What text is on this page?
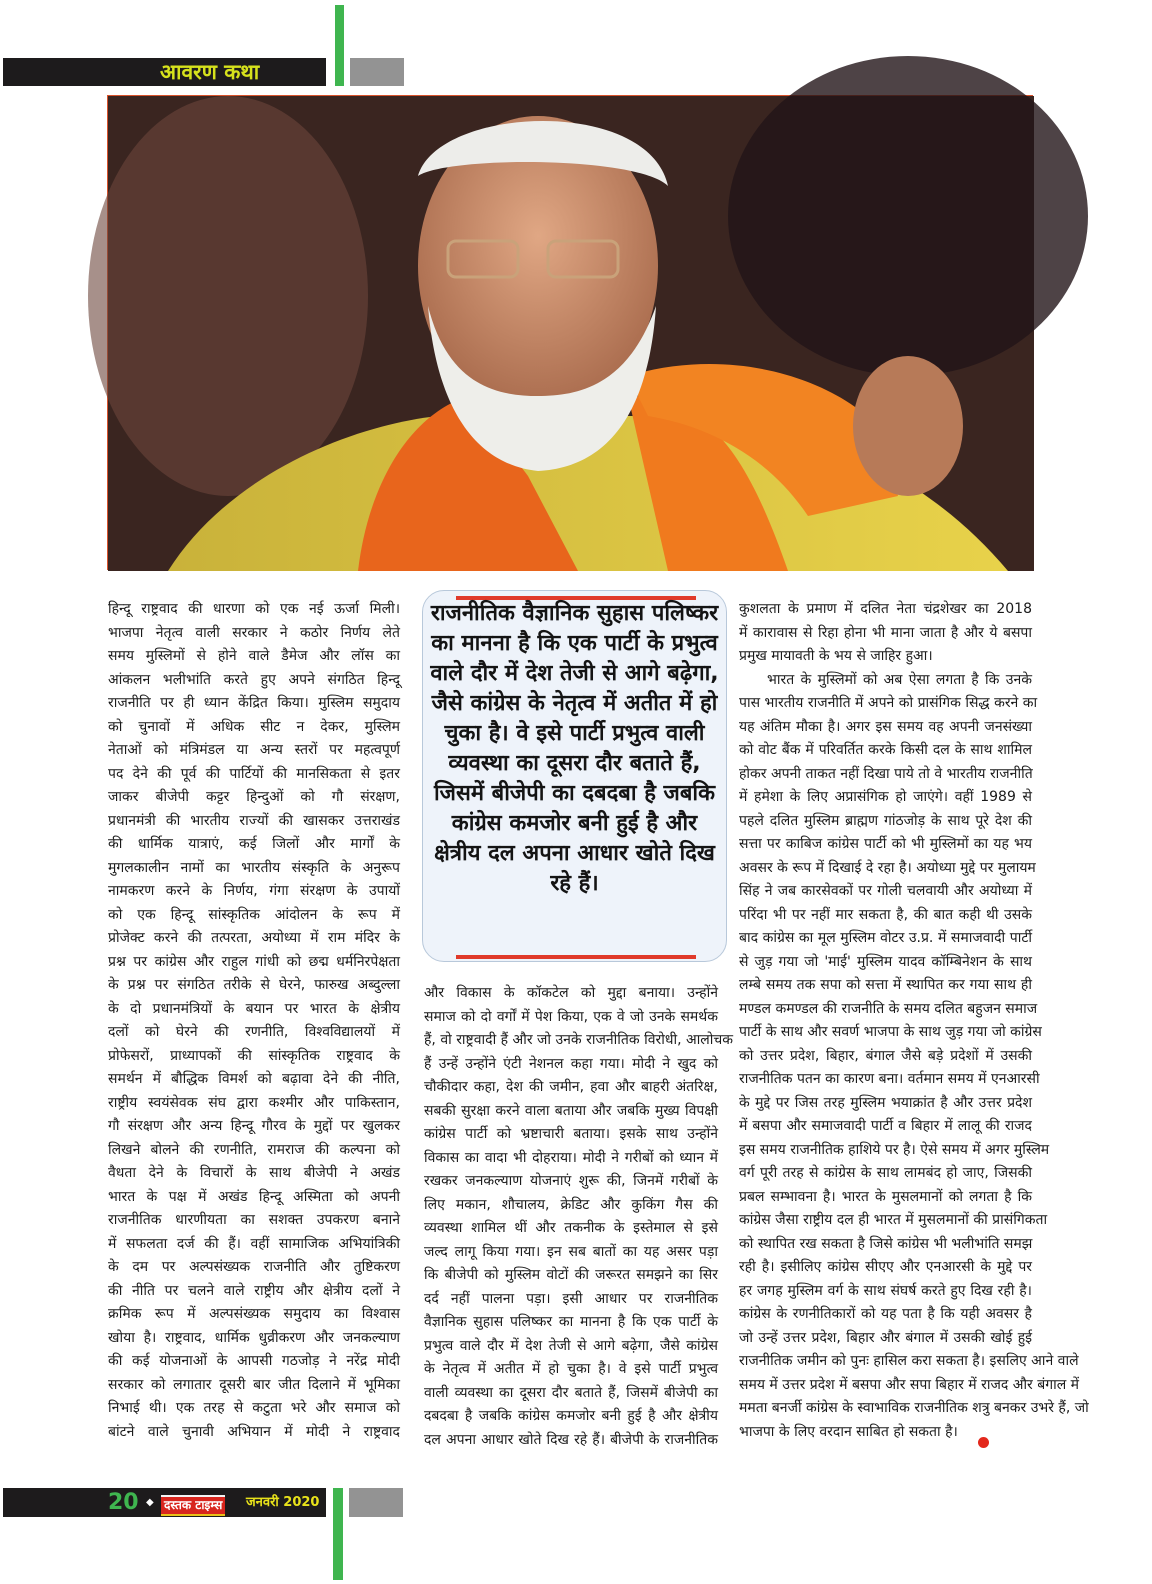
आवरण कथा
हिन्दू राष्ट्रवाद की धारणा को एक नई ऊर्जा मिली।
भाजपा नेतृत्व वाली सरकार ने कठोर निर्णय लेते
समय मुस्लिमों से होने वाले डैमेज और लॉस का
आंकलन भलीभांति करते हुए अपने संगठित हिन्दू
राजनीति पर ही ध्यान केंद्रित किया। मुस्लिम समुदाय
को चुनावों में अधिक सीट न देकर, मुस्लिम
नेताओं को मंत्रिमंडल या अन्य स्तरों पर महत्वपूर्ण
पद देने की पूर्व की पार्टियों की मानसिकता से इतर
जाकर बीजेपी कट्टर हिन्दुओं को गौ संरक्षण,
प्रधानमंत्री की भारतीय राज्यों की खासकर उत्तराखंड
की धार्मिक यात्राएं, कई जिलों और मार्गों के
मुगलकालीन नामों का भारतीय संस्कृति के अनुरूप
नामकरण करने के निर्णय, गंगा संरक्षण के उपायों
को एक हिन्दू सांस्कृतिक आंदोलन के रूप में
प्रोजेक्ट करने की तत्परता, अयोध्या में राम मंदिर के
प्रश्न पर कांग्रेस और राहुल गांधी को छद्म धर्मनिरपेक्षता
के प्रश्न पर संगठित तरीके से घेरने, फारुख अब्दुल्ला
के दो प्रधानमंत्रियों के बयान पर भारत के क्षेत्रीय
दलों को घेरने की रणनीति, विश्वविद्यालयों में
प्रोफेसरों, प्राध्यापकों की सांस्कृतिक राष्ट्रवाद के
समर्थन में बौद्धिक विमर्श को बढ़ावा देने की नीति,
राष्ट्रीय स्वयंसेवक संघ द्वारा कश्मीर और पाकिस्तान,
गौ संरक्षण और अन्य हिन्दू गौरव के मुद्दों पर खुलकर
लिखने बोलने की रणनीति, रामराज की कल्पना को
वैधता देने के विचारों के साथ बीजेपी ने अखंड
भारत के पक्ष में अखंड हिन्दू अस्मिता को अपनी
राजनीतिक धारणीयता का सशक्त उपकरण बनाने
में सफलता दर्ज की हैं। वहीं सामाजिक अभियांत्रिकी
के दम पर अल्पसंख्यक राजनीति और तुष्टिकरण
की नीति पर चलने वाले राष्ट्रीय और क्षेत्रीय दलों ने
क्रमिक रूप में अल्पसंख्यक समुदाय का विश्वास
खोया है। राष्ट्रवाद, धार्मिक धुव्रीकरण और जनकल्याण
की कई योजनाओं के आपसी गठजोड़ ने नरेंद्र मोदी
सरकार को लगातार दूसरी बार जीत दिलाने में भूमिका
निभाई थी। एक तरह से कटुता भरे और समाज को
बांटने वाले चुनावी अभियान में मोदी ने राष्ट्रवाद
राजनीतिक वैज्ञानिक सुहास पलिष्कर का मानना है कि एक पार्टी के प्रभुत्व वाले दौर में देश तेजी से आगे बढ़ेगा, जैसे कांग्रेस के नेतृत्व में अतीत में हो चुका है। वे इसे पार्टी प्रभुत्व वाली व्यवस्था का दूसरा दौर बताते हैं, जिसमें बीजेपी का दबदबा है जबकि कांग्रेस कमजोर बनी हुई है और क्षेत्रीय दल अपना आधार खोते दिख रहे हैं।
और विकास के कॉकटेल को मुद्दा बनाया। उन्होंने
समाज को दो वर्गों में पेश किया, एक वे जो उनके समर्थक
हैं, वो राष्ट्रवादी हैं और जो उनके राजनीतिक विरोधी, आलोचक
हैं उन्हें उन्होंने एंटी नेशनल कहा गया। मोदी ने खुद को
चौकीदार कहा, देश की जमीन, हवा और बाहरी अंतरिक्ष,
सबकी सुरक्षा करने वाला बताया और जबकि मुख्य विपक्षी
कांग्रेस पार्टी को भ्रष्टाचारी बताया। इसके साथ उन्होंने
विकास का वादा भी दोहराया। मोदी ने गरीबों को ध्यान में
रखकर जनकल्याण योजनाएं शुरू की, जिनमें गरीबों के
लिए मकान, शौचालय, क्रेडिट और कुकिंग गैस की
व्यवस्था शामिल थीं और तकनीक के इस्तेमाल से इसे
जल्द लागू किया गया। इन सब बातों का यह असर पड़ा
कि बीजेपी को मुस्लिम वोटों की जरूरत समझने का सिर
दर्द नहीं पालना पड़ा। इसी आधार पर राजनीतिक
वैज्ञानिक सुहास पलिष्कर का मानना है कि एक पार्टी के
प्रभुत्व वाले दौर में देश तेजी से आगे बढ़ेगा, जैसे कांग्रेस
के नेतृत्व में अतीत में हो चुका है। वे इसे पार्टी प्रभुत्व
वाली व्यवस्था का दूसरा दौर बताते हैं, जिसमें बीजेपी का
दबदबा है जबकि कांग्रेस कमजोर बनी हुई है और क्षेत्रीय
दल अपना आधार खोते दिख रहे हैं। बीजेपी के राजनीतिक
कुशलता के प्रमाण में दलित नेता चंद्रशेखर का 2018
में कारावास से रिहा होना भी माना जाता है और ये बसपा
प्रमुख मायावती के भय से जाहिर हुआ।
भारत के मुस्लिमों को अब ऐसा लगता है कि उनके
पास भारतीय राजनीति में अपने को प्रासंगिक सिद्ध करने का
यह अंतिम मौका है। अगर इस समय वह अपनी जनसंख्या
को वोट बैंक में परिवर्तित करके किसी दल के साथ शामिल
होकर अपनी ताकत नहीं दिखा पाये तो वे भारतीय राजनीति
में हमेशा के लिए अप्रासंगिक हो जाएंगे। वहीं 1989 से
पहले दलित मुस्लिम ब्राह्मण गांठजोड़ के साथ पूरे देश की
सत्ता पर काबिज कांग्रेस पार्टी को भी मुस्लिमों का यह भय
अवसर के रूप में दिखाई दे रहा है। अयोध्या मुद्दे पर मुलायम
सिंह ने जब कारसेवकों पर गोली चलवायी और अयोध्या में
परिंदा भी पर नहीं मार सकता है, की बात कही थी उसके
बाद कांग्रेस का मूल मुस्लिम वोटर उ.प्र. में समाजवादी पार्टी
से जुड़ गया जो 'माई' मुस्लिम यादव कॉम्बिनेशन के साथ
लम्बे समय तक सपा को सत्ता में स्थापित कर गया साथ ही
मण्डल कमण्डल की राजनीति के समय दलित बहुजन समाज
पार्टी के साथ और सवर्ण भाजपा के साथ जुड़ गया जो कांग्रेस
को उत्तर प्रदेश, बिहार, बंगाल जैसे बड़े प्रदेशों में उसकी
राजनीतिक पतन का कारण बना। वर्तमान समय में एनआरसी
के मुद्दे पर जिस तरह मुस्लिम भयाक्रांत है और उत्तर प्रदेश
में बसपा और समाजवादी पार्टी व बिहार में लालू की राजद
इस समय राजनीतिक हाशिये पर है। ऐसे समय में अगर मुस्लिम
वर्ग पूरी तरह से कांग्रेस के साथ लामबंद हो जाए, जिसकी
प्रबल सम्भावना है। भारत के मुसलमानों को लगता है कि
कांग्रेस जैसा राष्ट्रीय दल ही भारत में मुसलमानों की प्रासंगिकता
को स्थापित रख सकता है जिसे कांग्रेस भी भलीभांति समझ
रही है। इसीलिए कांग्रेस सीएए और एनआरसी के मुद्दे पर
हर जगह मुस्लिम वर्ग के साथ संघर्ष करते हुए दिख रही है।
कांग्रेस के रणनीतिकारों को यह पता है कि यही अवसर है
जो उन्हें उत्तर प्रदेश, बिहार और बंगाल में उसकी खोई हुई
राजनीतिक जमीन को पुनः हासिल करा सकता है। इसलिए आने वाले
समय में उत्तर प्रदेश में बसपा और सपा बिहार में राजद और बंगाल में
ममता बनर्जी कांग्रेस के स्वाभाविक राजनीतिक शत्रु बनकर उभरे हैं, जो
भाजपा के लिए वरदान साबित हो सकता है।
20 ◆ दस्तक टाइम्स जनवरी 2020
